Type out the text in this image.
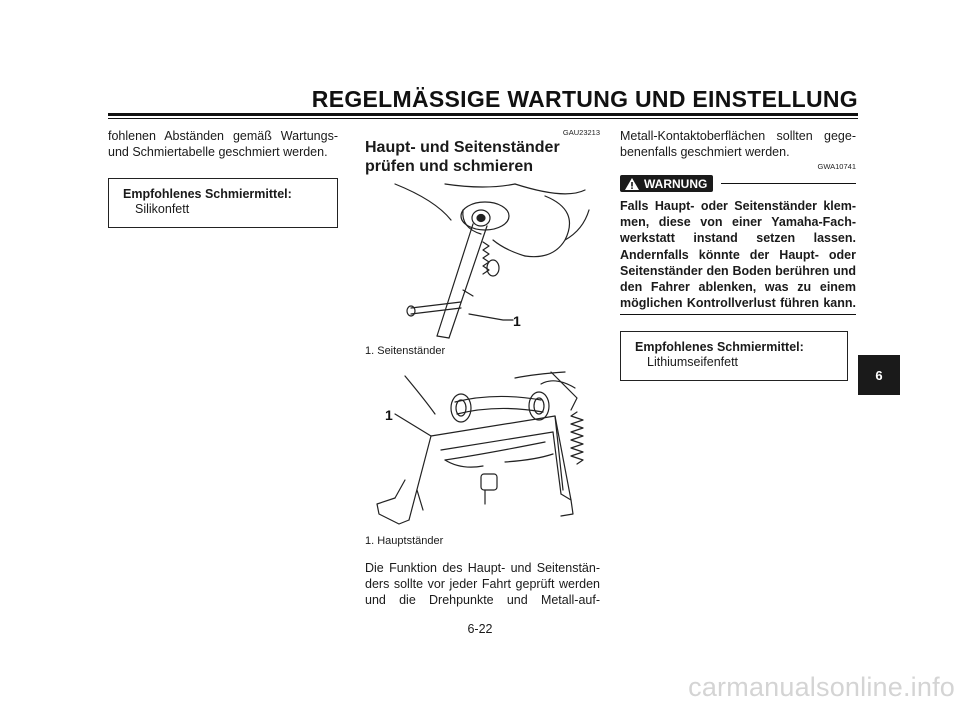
REGELMÄSSIGE WARTUNG UND EINSTELLUNG
fohlenen Abständen gemäß Wartungs-
und Schmiertabelle geschmiert werden.
Empfohlenes Schmiermittel:
Silikonfett
GAU23213
Haupt- und Seitenständer
prüfen und schmieren
1
1. Seitenständer
1
1. Hauptständer
Die Funktion des Haupt- und Seitenstän-
ders sollte vor jeder Fahrt geprüft werden
und die Drehpunkte und Metall-auf-
Metall-Kontaktoberflächen sollten gege-
benenfalls geschmiert werden.
GWA10741
WARNUNG
Falls Haupt- oder Seitenständer klem-
men, diese von einer Yamaha-Fach-
werkstatt instand setzen lassen.
Andernfalls könnte der Haupt- oder
Seitenständer den Boden berühren und
den Fahrer ablenken, was zu einem
möglichen Kontrollverlust führen kann.
Empfohlenes Schmiermittel:
Lithiumseifenfett
6
6-22
carmanualsonline.info
